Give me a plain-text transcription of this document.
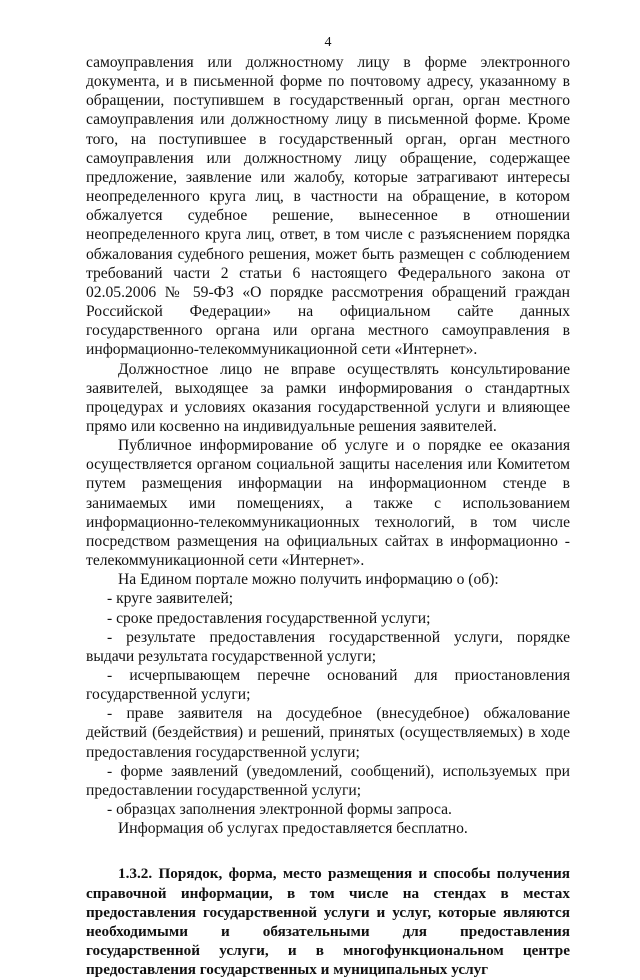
4

самоуправления или должностному лицу в форме электронного документа, и в письменной форме по почтовому адресу, указанному в обращении, поступившем в государственный орган, орган местного самоуправления или должностному лицу в письменной форме. Кроме того, на поступившее в государственный орган, орган местного самоуправления или должностному лицу обращение, содержащее предложение, заявление или жалобу, которые затрагивают интересы неопределенного круга лиц, в частности на обращение, в котором обжалуется судебное решение, вынесенное в отношении неопределенного круга лиц, ответ, в том числе с разъяснением порядка обжалования судебного решения, может быть размещен с соблюдением требований части 2 статьи 6 настоящего Федерального закона от 02.05.2006 № 59-ФЗ «О порядке рассмотрения обращений граждан Российской Федерации» на официальном сайте данных государственного органа или органа местного самоуправления в информационно-телекоммуникационной сети «Интернет».

Должностное лицо не вправе осуществлять консультирование заявителей, выходящее за рамки информирования о стандартных процедурах и условиях оказания государственной услуги и влияющее прямо или косвенно на индивидуальные решения заявителей.

Публичное информирование об услуге и о порядке ее оказания осуществляется органом социальной защиты населения или Комитетом путем размещения информации на информационном стенде в занимаемых ими помещениях, а также с использованием информационно-телекоммуникационных технологий, в том числе посредством размещения на официальных сайтах в информационно - телекоммуникационной сети «Интернет».

На Едином портале можно получить информацию о (об):

- круге заявителей;

- сроке предоставления государственной услуги;

- результате предоставления государственной услуги, порядке выдачи результата государственной услуги;

- исчерпывающем перечне оснований для приостановления государственной услуги;

- праве заявителя на досудебное (внесудебное) обжалование действий (бездействия) и решений, принятых (осуществляемых) в ходе предоставления государственной услуги;

- форме заявлений (уведомлений, сообщений), используемых при предоставлении государственной услуги;

- образцах заполнения электронной формы запроса.

Информация об услугах предоставляется бесплатно.

1.3.2. Порядок, форма, место размещения и способы получения справочной информации, в том числе на стендах в местах предоставления государственной услуги и услуг, которые являются необходимыми и обязательными для предоставления государственной услуги, и в многофункциональном центре предоставления государственных и муниципальных услуг
